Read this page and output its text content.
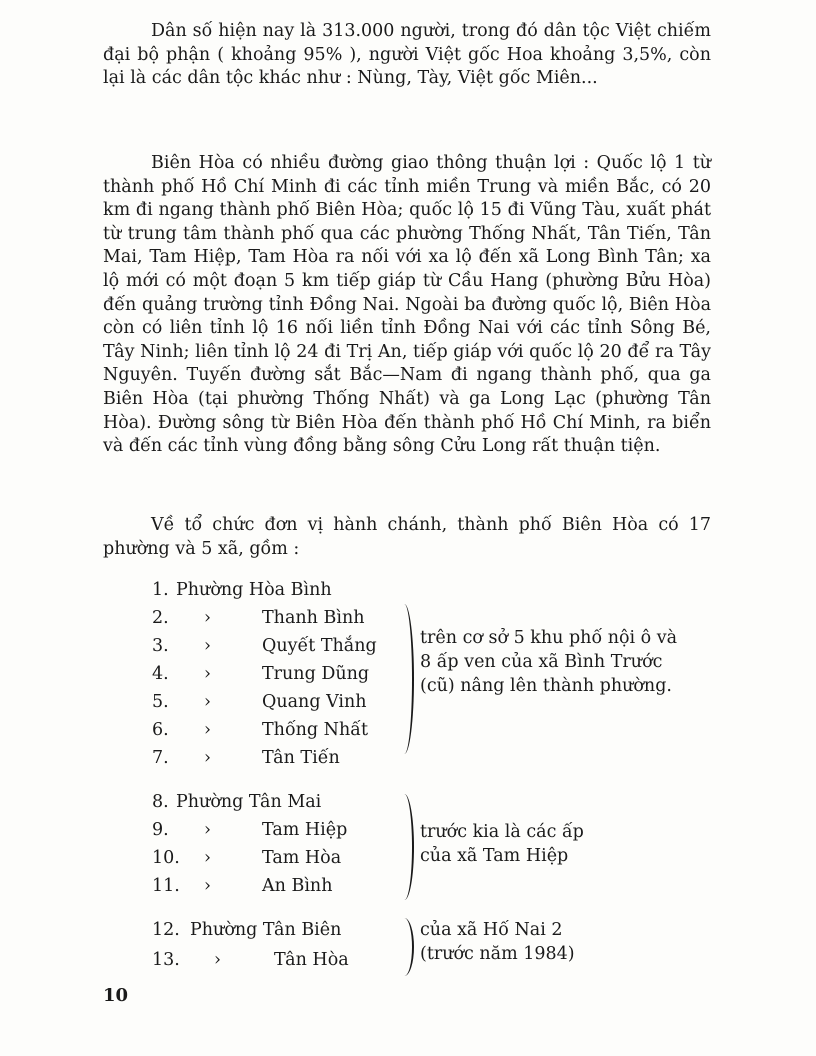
Dân số hiện nay là 313.000 người, trong đó dân tộc Việt chiếm đại bộ phận ( khoảng 95% ), người Việt gốc Hoa khoảng 3,5%, còn lại là các dân tộc khác như : Nùng, Tày, Việt gốc Miên...

Biên Hòa có nhiều đường giao thông thuận lợi : Quốc lộ 1 từ thành phố Hồ Chí Minh đi các tỉnh miền Trung và miền Bắc, có 20 km đi ngang thành phố Biên Hòa; quốc lộ 15 đi Vũng Tàu, xuất phát từ trung tâm thành phố qua các phường Thống Nhất, Tân Tiến, Tân Mai, Tam Hiệp, Tam Hòa ra nối với xa lộ đến xã Long Bình Tân; xa lộ mới có một đoạn 5 km tiếp giáp từ Cầu Hang (phường Bửu Hòa) đến quảng trường tỉnh Đồng Nai. Ngoài ba đường quốc lộ, Biên Hòa còn có liên tỉnh lộ 16 nối liền tỉnh Đồng Nai với các tỉnh Sông Bé, Tây Ninh; liên tỉnh lộ 24 đi Trị An, tiếp giáp với quốc lộ 20 để ra Tây Nguyên. Tuyến đường sắt Bắc—Nam đi ngang thành phố, qua ga Biên Hòa (tại phường Thống Nhất) và ga Long Lạc (phường Tân Hòa). Đường sông từ Biên Hòa đến thành phố Hồ Chí Minh, ra biển và đến các tỉnh vùng đồng bằng sông Cửu Long rất thuận tiện.

Về tổ chức đơn vị hành chánh, thành phố Biên Hòa có 17 phường và 5 xã, gồm :

1. Phường Hòa Bình
2. ›	Thanh Bình
3. ›	Quyết Thắng
4. ›	Trung Dũng
5. ›	Quang Vinh
6. ›	Thống Nhất
7. ›	Tân Tiến
trên cơ sở 5 khu phố nội ô và 8 ấp ven của xã Bình Trước (cũ) nâng lên thành phường.
8. Phường Tân Mai
9. ›	Tam Hiệp
10. ›	Tam Hòa
11. ›	An Bình
trước kia là các ấp của xã Tam Hiệp
12. Phường Tân Biên
13. ›	Tân Hòa
của xã Hố Nai 2 (trước năm 1984)
10
